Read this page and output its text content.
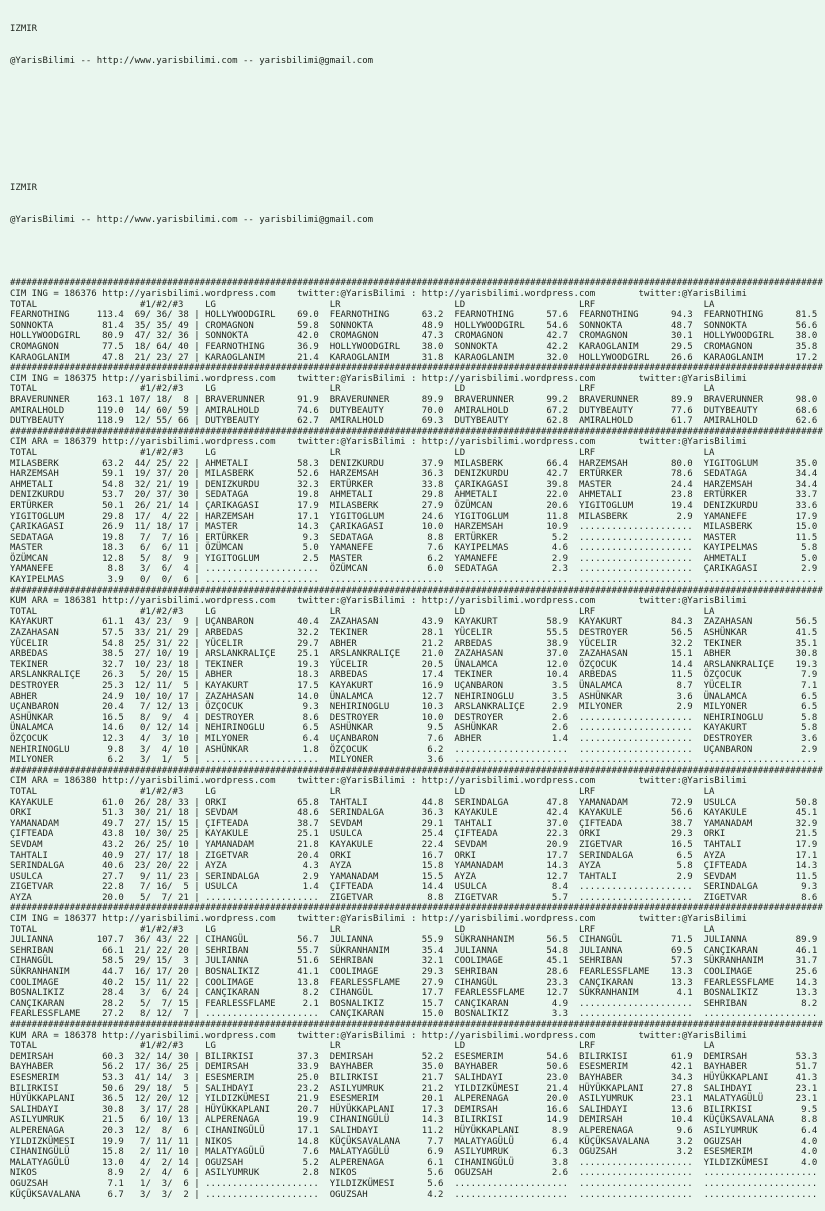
IZMIR

@YarisBilimi -- http://www.yarisbilimi.com -- yarisbilimi@gmail.com

IZMIR

@YarisBilimi -- http://www.yarisbilimi.com -- yarisbilimi@gmail.com

######################################################################################################################################################
CIM ING = 186376 http://yarisbilimi.wordpress.com    twitter:@YarisBilimi : http://yarisbilimi.wordpress.com        twitter:@YarisBilimi
TOTAL                   #1/#2/#3    LG                     LR                     LD                     LRF                    LA
FEARNOTHING     113.4  69/ 36/ 38 | HOLLYWOODGIRL    69.0  FEARNOTHING      63.2  FEARNOTHING      57.6  FEARNOTHING      94.3  FEARNOTHING      81.5
SONNOKTA         81.4  35/ 35/ 49 | CROMAGNON        59.8  SONNOKTA         48.9  HOLLYWOODGIRL    54.6  SONNOKTA         48.7  SONNOKTA         56.6
HOLLYWOODGIRL    80.9  47/ 32/ 36 | SONNOKTA         42.0  CROMAGNON        47.3  CROMAGNON        42.7  CROMAGNON        30.1  HOLLYWOODGIRL    38.0
CROMAGNON        77.5  18/ 64/ 40 | FEARNOTHING      36.9  HOLLYWOODGIRL    38.0  SONNOKTA         42.2  KARAOGLANIM      29.5  CROMAGNON        35.8
KARAOGLANIM      47.8  21/ 23/ 27 | KARAOGLANIM      21.4  KARAOGLANIM      31.8  KARAOGLANIM      32.0  HOLLYWOODGIRL    26.6  KARAOGLANIM      17.2
######################################################################################################################################################
CIM ING = 186375 http://yarisbilimi.wordpress.com    twitter:@YarisBilimi : http://yarisbilimi.wordpress.com        twitter:@YarisBilimi
TOTAL                   #1/#2/#3    LG                     LR                     LD                     LRF                    LA
BRAVERUNNER     163.1 107/ 18/  8 | BRAVERUNNER      91.9  BRAVERUNNER      89.9  BRAVERUNNER      99.2  BRAVERUNNER      89.9  BRAVERUNNER      98.0
AMIRALHOLD      119.0  14/ 60/ 59 | AMIRALHOLD       74.6  DUTYBEAUTY       70.0  AMIRALHOLD       67.2  DUTYBEAUTY       77.6  DUTYBEAUTY       68.6
DUTYBEAUTY      118.9  12/ 55/ 66 | DUTYBEAUTY       62.7  AMIRALHOLD       69.3  DUTYBEAUTY       62.8  AMIRALHOLD       61.7  AMIRALHOLD       62.6
######################################################################################################################################################
CIM ARA = 186379 http://yarisbilimi.wordpress.com    twitter:@YarisBilimi : http://yarisbilimi.wordpress.com        twitter:@YarisBilimi
TOTAL                   #1/#2/#3    LG                     LR                     LD                     LRF                    LA
MILASBERK        63.2  44/ 25/ 22 | AHMETALI         58.3  DENIZKURDU       37.9  MILASBERK        66.4  HARZEMSAH        80.0  YIGITOGLUM       35.0
HARZEMSAH        59.1  19/ 37/ 20 | MILASBERK        52.6  HARZEMSAH        36.3  DENIZKURDU       42.7  ERTÜRKER         78.6  SEDATAGA         34.4
AHMETALI         54.8  32/ 21/ 19 | DENIZKURDU       32.3  ERTÜRKER         33.8  ÇARIKAGASI       39.8  MASTER           24.4  HARZEMSAH        34.4
DENIZKURDU       53.7  20/ 37/ 30 | SEDATAGA         19.8  AHMETALI         29.8  AHMETALI         22.0  AHMETALI         23.8  ERTÜRKER         33.7
ERTÜRKER         50.1  26/ 21/ 14 | ÇARIKAGASI       17.9  MILASBERK        27.9  ÖZÜMCAN          20.6  YIGITOGLUM       19.4  DENIZKURDU       33.6
YIGITOGLUM       29.8  17/  4/ 22 | HARZEMSAH        17.1  YIGITOGLUM       24.6  YIGITOGLUM       11.8  MILASBERK         2.9  YAMANEFE         17.9
ÇARIKAGASI       26.9  11/ 18/ 17 | MASTER           14.3  ÇARIKAGASI       10.0  HARZEMSAH        10.9  .....................  MILASBERK        15.0
SEDATAGA         19.8   7/  7/ 16 | ERTÜRKER          9.3  SEDATAGA          8.8  ERTÜRKER          5.2  .....................  MASTER           11.5
MASTER           18.3   6/  6/ 11 | ÖZÜMCAN           5.0  YAMANEFE          7.6  KAYIPELMAS        4.6  .....................  KAYIPELMAS        5.8
ÖZÜMCAN          12.8   5/  8/  9 | YIGITOGLUM        2.5  MASTER            6.2  YAMANEFE          2.9  .....................  AHMETALI          5.0
YAMANEFE          8.8   3/  6/  4 | .....................  ÖZÜMCAN           6.0  SEDATAGA          2.3  .....................  ÇARIKAGASI        2.9
KAYIPELMAS        3.9   0/  0/  6 | .....................  .....................  .....................  .....................  .....................
######################################################################################################################################################
KUM ARA = 186381 http://yarisbilimi.wordpress.com    twitter:@YarisBilimi : http://yarisbilimi.wordpress.com        twitter:@YarisBilimi
TOTAL                   #1/#2/#3    LG                     LR                     LD                     LRF                    LA
KAYAKURT         61.1  43/ 23/  9 | UÇANBARON        40.4  ZAZAHASAN        43.9  KAYAKURT         58.9  KAYAKURT         84.3  ZAZAHASAN        56.5
ZAZAHASAN        57.5  33/ 21/ 29 | ARBEDAS          32.2  TEKINER          28.1  YÜCELIR          55.5  DESTROYER        56.5  ASHÜNKAR         41.5
YÜCELIR          54.8  25/ 31/ 22 | YÜCELIR          29.7  ABHER            21.2  ARBEDAS          38.9  YÜCELIR          32.2  TEKINER          35.1
ARBEDAS          38.5  27/ 10/ 19 | ARSLANKRALIÇE    25.1  ARSLANKRALIÇE    21.0  ZAZAHASAN        37.0  ZAZAHASAN        15.1  ABHER            30.8
TEKINER          32.7  10/ 23/ 18 | TEKINER          19.3  YÜCELIR          20.5  ÜNALAMCA         12.0  ÖZÇOCUK          14.4  ARSLANKRALIÇE    19.3
ARSLANKRALIÇE    26.3   5/ 20/ 15 | ABHER            18.3  ARBEDAS          17.4  TEKINER          10.4  ARBEDAS          11.5  ÖZÇOCUK           7.9
DESTROYER        25.3  12/ 11/  5 | KAYAKURT         17.5  KAYAKURT         16.9  UÇANBARON         3.5  ÜNALAMCA          8.7  YÜCELIR           7.1
ABHER            24.9  10/ 10/ 17 | ZAZAHASAN        14.0  ÜNALAMCA         12.7  NEHIRINOGLU       3.5  ASHÜNKAR          3.6  ÜNALAMCA          6.5
UÇANBARON        20.4   7/ 12/ 13 | ÖZÇOCUK           9.3  NEHIRINOGLU      10.3  ARSLANKRALIÇE     2.9  MILYONER          2.9  MILYONER          6.5
ASHÜNKAR         16.5   8/  9/  4 | DESTROYER         8.6  DESTROYER        10.0  DESTROYER         2.6  .....................  NEHIRINOGLU       5.8
ÜNALAMCA         14.6   0/ 12/ 14 | NEHIRINOGLU       6.5  ASHÜNKAR          9.5  ASHÜNKAR          2.6  .....................  KAYAKURT          5.8
ÖZÇOCUK          12.3   4/  3/ 10 | MILYONER          6.4  UÇANBARON         7.6  ABHER             1.4  .....................  DESTROYER         3.6
NEHIRINOGLU       9.8   3/  4/ 10 | ASHÜNKAR          1.8  ÖZÇOCUK           6.2  .....................  .....................  UÇANBARON         2.9
MILYONER          6.2   3/  1/  5 | .....................  MILYONER          3.6  .....................  .....................  .....................
######################################################################################################################################################
CIM ARA = 186380 http://yarisbilimi.wordpress.com    twitter:@YarisBilimi : http://yarisbilimi.wordpress.com        twitter:@YarisBilimi
TOTAL                   #1/#2/#3    LG                     LR                     LD                     LRF                    LA
KAYAKULE         61.0  26/ 28/ 33 | ORKI             65.8  TAHTALI          44.8  SERINDALGA       47.8  YAMANADAM        72.9  USULCA           50.8
ORKI             51.3  30/ 21/ 18 | SEVDAM           48.6  SERINDALGA       36.3  KAYAKULE         42.4  KAYAKULE         56.6  KAYAKULE         45.1
YAMANADAM        49.7  27/ 15/ 15 | ÇIFTEADA         38.7  SEVDAM           29.1  TAHTALI          37.0  ÇIFTEADA         38.7  YAMANADAM        32.9
ÇIFTEADA         43.8  10/ 30/ 25 | KAYAKULE         25.1  USULCA           25.4  ÇIFTEADA         22.3  ORKI             29.3  ORKI             21.5
SEVDAM           43.2  26/ 25/ 10 | YAMANADAM        21.8  KAYAKULE         22.4  SEVDAM           20.9  ZIGETVAR         16.5  TAHTALI          17.9
TAHTALI          40.9  27/ 17/ 18 | ZIGETVAR         20.4  ORKI             16.7  ORKI             17.7  SERINDALGA        6.5  AYZA             17.1
SERINDALGA       40.6  23/ 20/ 22 | AYZA              4.3  AYZA             15.8  YAMANADAM        14.3  AYZA              5.8  ÇIFTEADA         14.3
USULCA           27.7   9/ 11/ 23 | SERINDALGA        2.9  YAMANADAM        15.5  AYZA             12.7  TAHTALI           2.9  SEVDAM           11.5
ZIGETVAR         22.8   7/ 16/  5 | USULCA            1.4  ÇIFTEADA         14.4  USULCA            8.4  .....................  SERINDALGA        9.3
AYZA             20.0   5/  7/ 21 | .....................  ZIGETVAR          8.8  ZIGETVAR          5.7  .....................  ZIGETVAR          8.6
######################################################################################################################################################
CIM ING = 186377 http://yarisbilimi.wordpress.com    twitter:@YarisBilimi : http://yarisbilimi.wordpress.com        twitter:@YarisBilimi
TOTAL                   #1/#2/#3    LG                     LR                     LD                     LRF                    LA
JULIANNA        107.7  36/ 43/ 22 | CIHANGÜL         56.7  JULIANNA         55.9  SÜKRANHANIM      56.5  CIHANGÜL         71.5  JULIANNA         89.9
SEHRIBAN         66.1  21/ 22/ 20 | SEHRIBAN         55.7  SÜKRANHANIM      35.4  JULIANNA         54.8  JULIANNA         69.5  CANÇIKARAN       46.1
CIHANGÜL         58.5  29/ 15/  3 | JULIANNA         51.6  SEHRIBAN         32.1  COOLIMAGE        45.1  SEHRIBAN         57.3  SÜKRANHANIM      31.7
SÜKRANHANIM      44.7  16/ 17/ 20 | BOSNALIKIZ       41.1  COOLIMAGE        29.3  SEHRIBAN         28.6  FEARLESSFLAME    13.3  COOLIMAGE        25.6
COOLIMAGE        40.2  15/ 11/ 22 | COOLIMAGE        13.8  FEARLESSFLAME    27.9  CIHANGÜL         23.3  CANÇIKARAN       13.3  FEARLESSFLAME    14.3
BOSNALIKIZ       28.4   3/  6/ 24 | CANÇIKARAN        8.2  CIHANGÜL         17.7  FEARLESSFLAME    12.7  SÜKRANHANIM       4.1  BOSNALIKIZ       13.3
CANÇIKARAN       28.2   5/  7/ 15 | FEARLESSFLAME     2.1  BOSNALIKIZ       15.7  CANÇIKARAN        4.9  .....................  SEHRIBAN          8.2
FEARLESSFLAME    27.2   8/ 12/  7 | .....................  CANÇIKARAN       15.0  BOSNALIKIZ        3.3  .....................  .....................
######################################################################################################################################################
KUM ARA = 186378 http://yarisbilimi.wordpress.com    twitter:@YarisBilimi : http://yarisbilimi.wordpress.com        twitter:@YarisBilimi
TOTAL                   #1/#2/#3    LG                     LR                     LD                     LRF                    LA
DEMIRSAH         60.3  32/ 14/ 30 | BILIRKISI        37.3  DEMIRSAH         52.2  ESESMERIM        54.6  BILIRKISI        61.9  DEMIRSAH         53.3
BAYHABER         56.2  17/ 36/ 25 | DEMIRSAH         33.9  BAYHABER         35.0  BAYHABER         50.6  ESESMERIM        42.1  BAYHABER         51.7
ESESMERIM        53.3  41/ 14/  3 | ESESMERIM        25.0  BILIRKISI        21.7  SALIHDAYI        23.0  BAYHABER         34.3  HÜYÜKKAPLANI     41.3
BILIRKISI        50.6  29/ 18/  5 | SALIHDAYI        23.2  ASILYUMRUK       21.2  YILDIZKÜMESI     21.4  HÜYÜKKAPLANI     27.8  SALIHDAYI        23.1
HÜYÜKKAPLANI     36.5  12/ 20/ 12 | YILDIZKÜMESI     21.9  ESESMERIM        20.1  ALPERENAGA       20.0  ASILYUMRUK       23.1  MALATYAGÜLÜ      23.1
SALIHDAYI        30.8   3/ 17/ 28 | HÜYÜKKAPLANI     20.7  HÜYÜKKAPLANI     17.3  DEMIRSAH         16.6  SALIHDAYI        13.6  BILIRKISI         9.5
ASILYUMRUK       21.5   6/ 10/ 13 | ALPERENAGA       19.9  CIHANINGÜLÜ      14.3  BILIRKISI        14.9  DEMIRSAH         10.4  KÜÇÜKSAVALANA     8.8
ALPERENAGA       20.3  12/  8/  6 | CIHANINGÜLÜ      17.1  SALIHDAYI        11.2  HÜYÜKKAPLANI      8.9  ALPERENAGA        9.6  ASILYUMRUK        6.4
YILDIZKÜMESI     19.9   7/ 11/ 11 | NIKOS            14.8  KÜÇÜKSAVALANA     7.7  MALATYAGÜLÜ       6.4  KÜÇÜKSAVALANA     3.2  OGUZSAH           4.0
CIHANINGÜLÜ      15.8   2/ 11/ 10 | MALATYAGÜLÜ       7.6  MALATYAGÜLÜ       6.9  ASILYUMRUK        6.3  OGUZSAH           3.2  ESESMERIM         4.0
MALATYAGÜLÜ      13.0   4/  2/ 14 | OGUZSAH           5.2  ALPERENAGA        6.1  CIHANINGÜLÜ       3.8  .....................  YILDIZKÜMESI      4.0
NIKOS             8.9   2/  4/  6 | ASILYUMRUK        2.8  NIKOS             5.6  OGUZSAH           2.6  .....................  .....................
OGUZSAH           7.1   1/  3/  6 | .....................  YILDIZKÜMESI      5.6  .....................  .....................  .....................
KÜÇÜKSAVALANA     6.7   3/  3/  2 | .....................  OGUZSAH           4.2  .....................  .....................  .....................
